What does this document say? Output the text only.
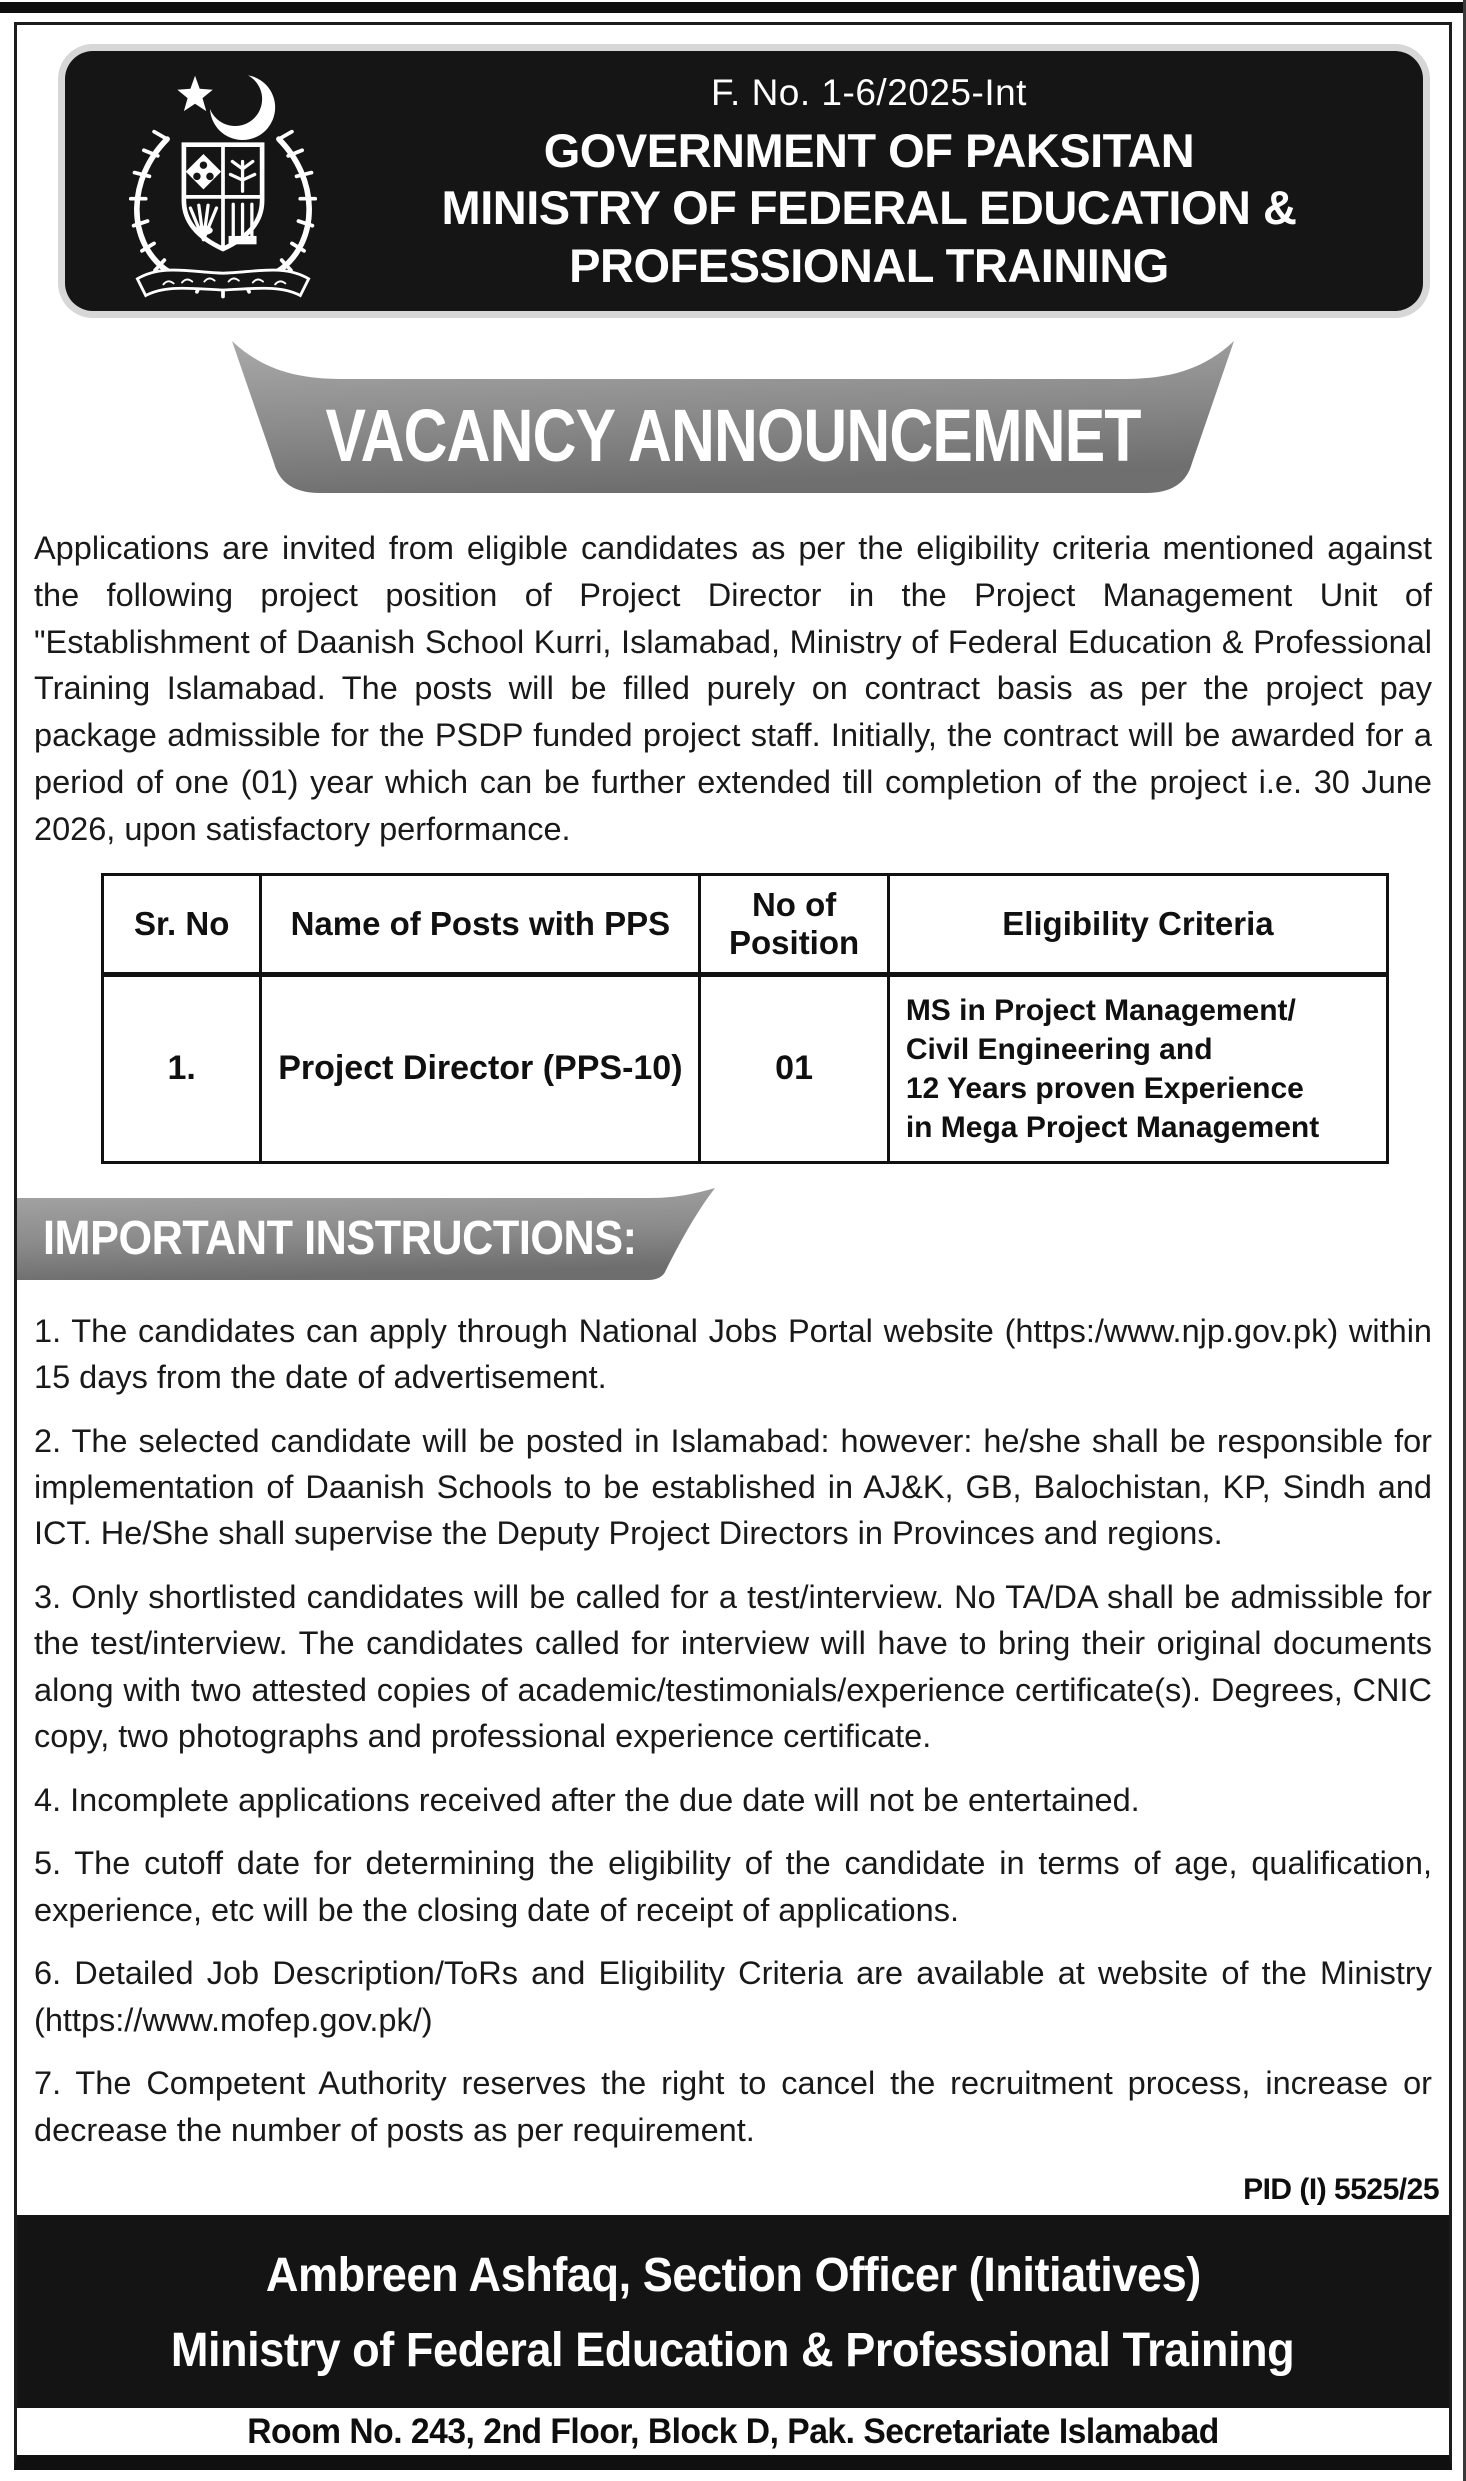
F. No. 1-6/2025-Int
GOVERNMENT OF PAKSITAN
MINISTRY OF FEDERAL EDUCATION &
PROFESSIONAL TRAINING
VACANCY ANNOUNCEMNET
Applications are invited from eligible candidates as per the eligibility criteria mentioned against the following project position of Project Director in the Project Management Unit of "Establishment of Daanish School Kurri, Islamabad, Ministry of Federal Education & Professional Training Islamabad. The posts will be filled purely on contract basis as per the project pay package admissible for the PSDP funded project staff. Initially, the contract will be awarded for a period of one (01) year which can be further extended till completion of the project i.e. 30 June 2026, upon satisfactory performance.
Sr. No	Name of Posts with PPS	No of Position	Eligibility Criteria
1.	Project Director (PPS-10)	01	MS in Project Management/
Civil Engineering and
12 Years proven Experience
in Mega Project Management
IMPORTANT INSTRUCTIONS:

1. The candidates can apply through National Jobs Portal website (https:/www.njp.gov.pk) within 15 days from the date of advertisement.

2. The selected candidate will be posted in Islamabad: however: he/she shall be responsible for implementation of Daanish Schools to be established in AJ&K, GB, Balochistan, KP, Sindh and ICT. He/She shall supervise the Deputy Project Directors in Provinces and regions.

3. Only shortlisted candidates will be called for a test/interview. No TA/DA shall be admissible for the test/interview. The candidates called for interview will have to bring their original documents along with two attested copies of academic/testimonials/experience certificate(s). Degrees, CNIC copy, two photographs and professional experience certificate.

4. Incomplete applications received after the due date will not be entertained.

5. The cutoff date for determining the eligibility of the candidate in terms of age, qualification, experience, etc will be the closing date of receipt of applications.

6. Detailed Job Description/ToRs and Eligibility Criteria are available at website of the Ministry (https://www.mofep.gov.pk/)

7. The Competent Authority reserves the right to cancel the recruitment process, increase or decrease the number of posts as per requirement.

PID (I) 5525/25
Ambreen Ashfaq, Section Officer (Initiatives)
Ministry of Federal Education & Professional Training
Room No. 243, 2nd Floor, Block D, Pak. Secretariate Islamabad
